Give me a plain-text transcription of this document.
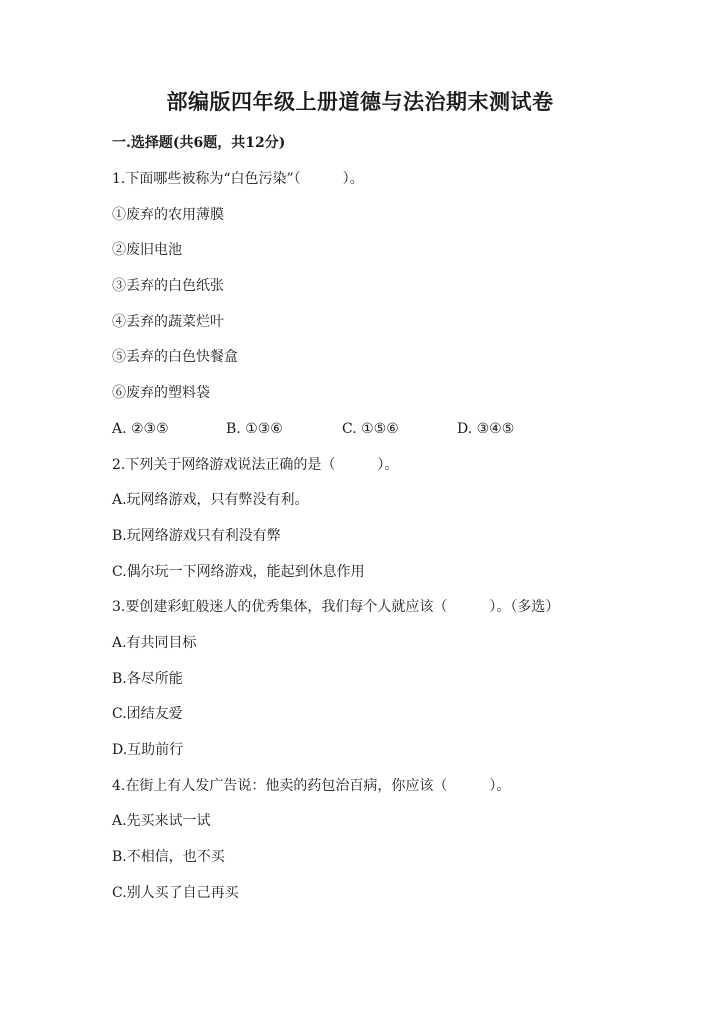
部编版四年级上册道德与法治期末测试卷
一.选择题(共6题，共12分)
1.下面哪些被称为“白色污染”（　　　）。
①废弃的农用薄膜
②废旧电池
③丢弃的白色纸张
④丢弃的蔬菜烂叶
⑤丢弃的白色快餐盒
⑥废弃的塑料袋
A. ②③⑤	B. ①③⑥	C. ①⑤⑥	D. ③④⑤
2.下列关于网络游戏说法正确的是（　　　）。
A.玩网络游戏，只有弊没有利。
B.玩网络游戏只有利没有弊
C.偶尔玩一下网络游戏，能起到休息作用
3.要创建彩虹般迷人的优秀集体，我们每个人就应该（　　　）。（多选）
A.有共同目标
B.各尽所能
C.团结友爱
D.互助前行
4.在街上有人发广告说：他卖的药包治百病，你应该（　　　）。
A.先买来试一试
B.不相信，也不买
C.别人买了自己再买
